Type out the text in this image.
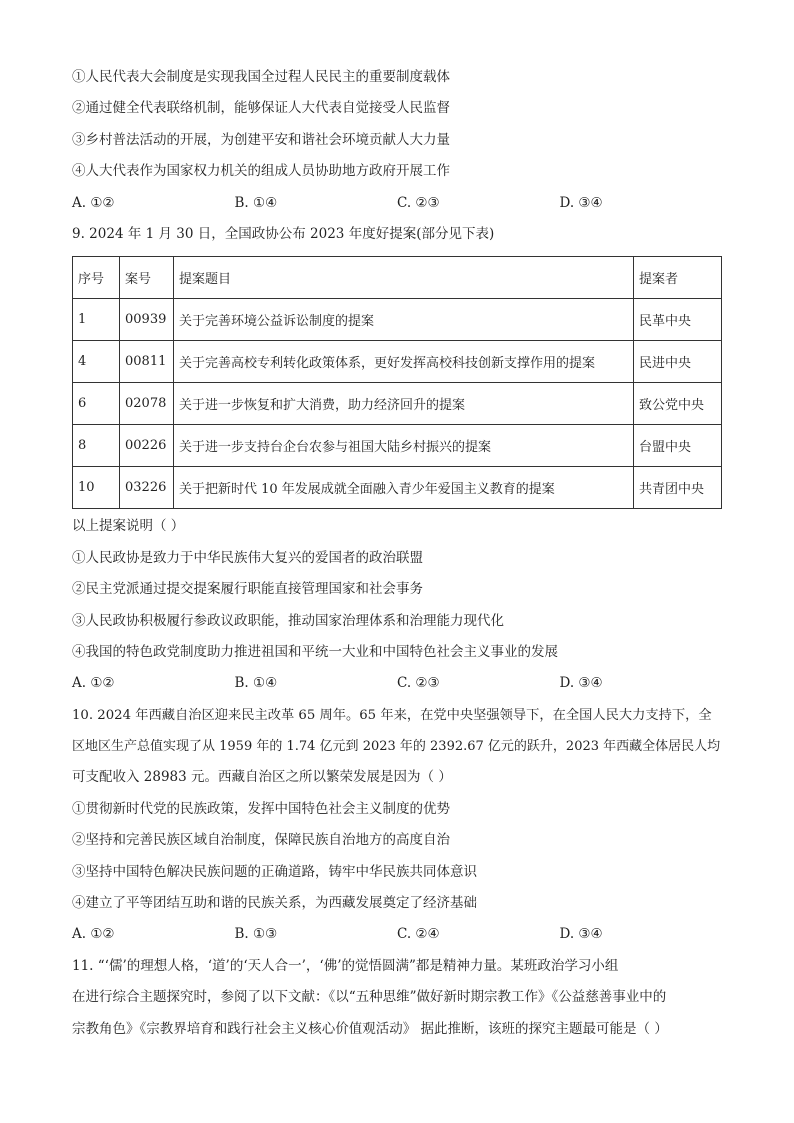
①人民代表大会制度是实现我国全过程人民民主的重要制度载体
②通过健全代表联络机制，能够保证人大代表自觉接受人民监督
③乡村普法活动的开展，为创建平安和谐社会环境贡献人大力量
④人大代表作为国家权力机关的组成人员协助地方政府开展工作
A. ①②	B. ①④	C. ②③	D. ③④
9. 2024 年 1 月 30 日，全国政协公布 2023 年度好提案(部分见下表)
序号	案号	提案题目	提案者
1	00939	关于完善环境公益诉讼制度的提案	民革中央
4	00811	关于完善高校专利转化政策体系，更好发挥高校科技创新支撑作用的提案	民进中央
6	02078	关于进一步恢复和扩大消费，助力经济回升的提案	致公党中央
8	00226	关于进一步支持台企台农参与祖国大陆乡村振兴的提案	台盟中央
10	03226	关于把新时代 10 年发展成就全面融入青少年爱国主义教育的提案	共青团中央
以上提案说明（ ）
①人民政协是致力于中华民族伟大复兴的爱国者的政治联盟
②民主党派通过提交提案履行职能直接管理国家和社会事务
③人民政协积极履行参政议政职能，推动国家治理体系和治理能力现代化
④我国的特色政党制度助力推进祖国和平统一大业和中国特色社会主义事业的发展
A. ①②	B. ①④	C. ②③	D. ③④
10. 2024 年西藏自治区迎来民主改革 65 周年。65 年来，在党中央坚强领导下，在全国人民大力支持下，全
区地区生产总值实现了从 1959 年的 1.74 亿元到 2023 年的 2392.67 亿元的跃升，2023 年西藏全体居民人均
可支配收入 28983 元。西藏自治区之所以繁荣发展是因为（ ）
①贯彻新时代党的民族政策，发挥中国特色社会主义制度的优势
②坚持和完善民族区域自治制度，保障民族自治地方的高度自治
③坚持中国特色解决民族问题的正确道路，铸牢中华民族共同体意识
④建立了平等团结互助和谐的民族关系，为西藏发展奠定了经济基础
A. ①②	B. ①③	C. ②④	D. ③④
11. “‘儒’的理想人格，‘道’的‘天人合一’，‘佛’的觉悟圆满”都是精神力量。某班政治学习小组
在进行综合主题探究时，参阅了以下文献：《以“五种思维”做好新时期宗教工作》《公益慈善事业中的
宗教角色》《宗教界培育和践行社会主义核心价值观活动》 据此推断，该班的探究主题最可能是（ ）
